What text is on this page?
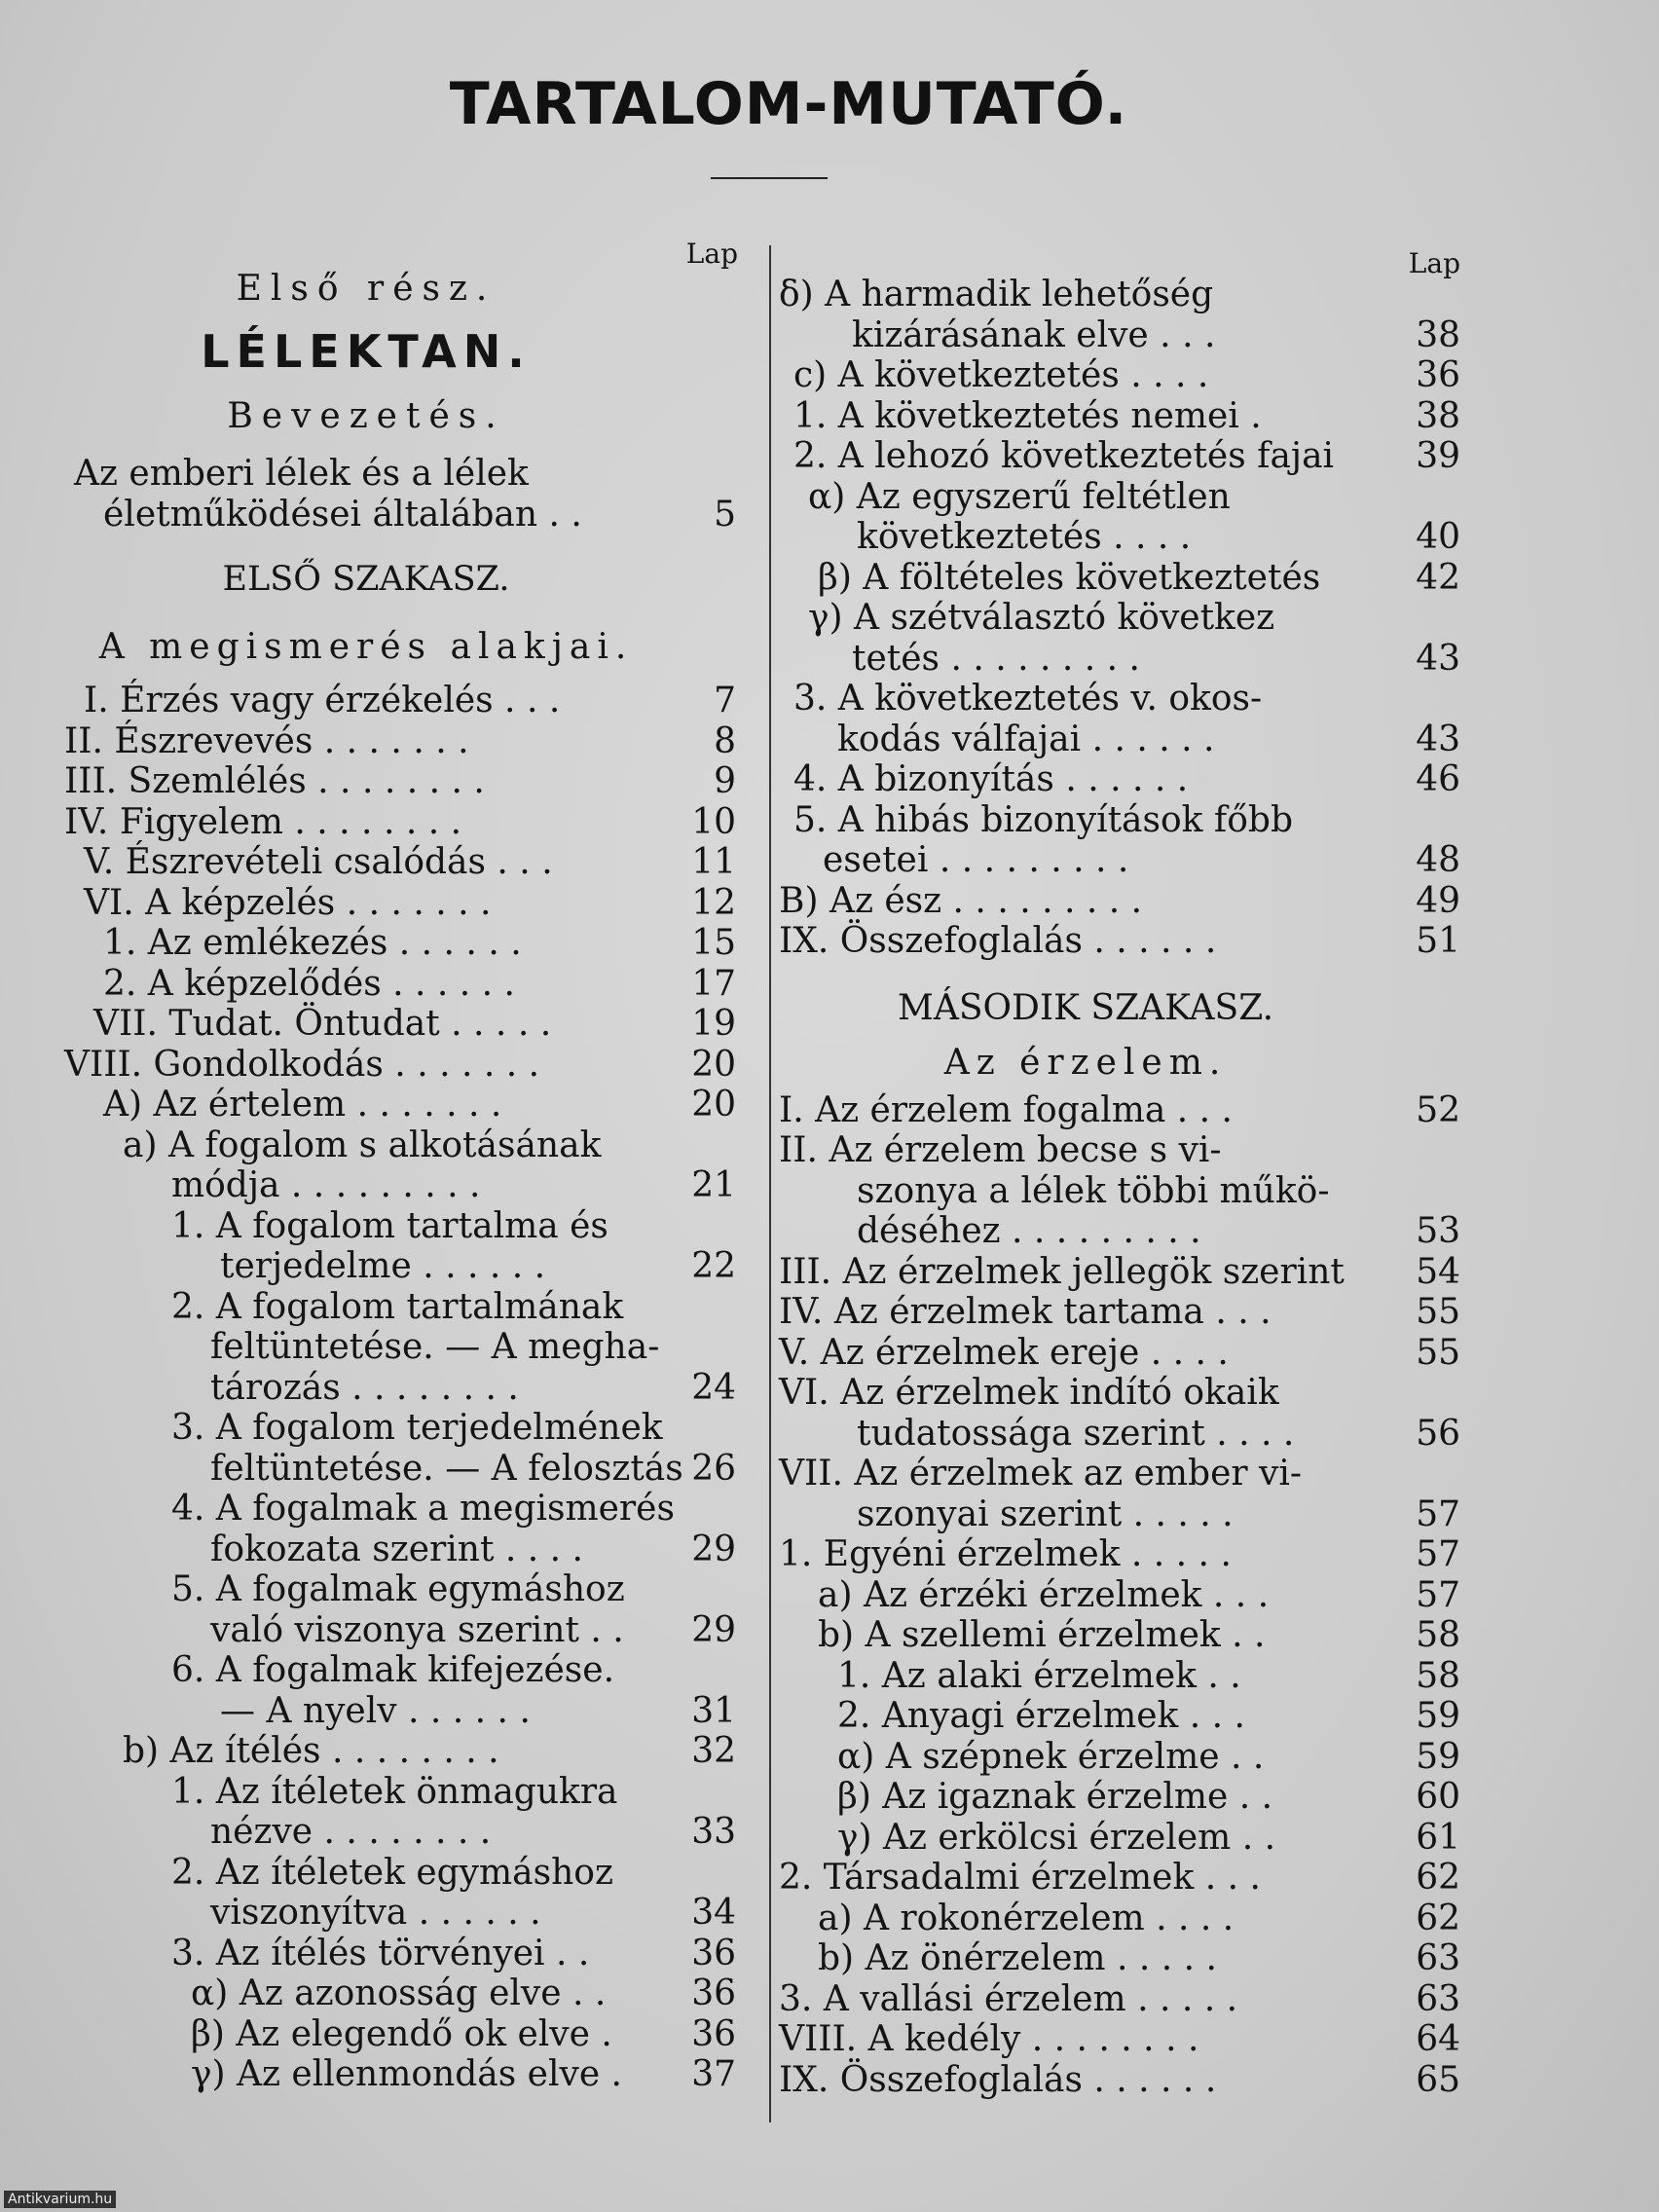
TARTALOM-MUTATÓ.
Lap
Első rész.
LÉLEKTAN.
Bevezetés.
Az emberi lélek és a lélek
életműködései általában . .	5
ELSŐ SZAKASZ.
A megismerés alakjai.
I. Érzés vagy érzékelés . . .	7
II. Észrevevés . . . . . . .	8
III. Szemlélés . . . . . . . .	9
IV. Figyelem . . . . . . . .	10
V. Észrevételi csalódás . . .	11
VI. A képzelés . . . . . . .	12
1. Az emlékezés . . . . . .	15
2. A képzelődés . . . . . .	17
VII. Tudat. Öntudat . . . . .	19
VIII. Gondolkodás . . . . . . .	20
A) Az értelem . . . . . . .	20
a) A fogalom s alkotásának
módja . . . . . . . . .	21
1. A fogalom tartalma és
terjedelme . . . . . .	22
2. A fogalom tartalmának
feltüntetése. — A megha-
tározás . . . . . . . .	24
3. A fogalom terjedelmének
feltüntetése. — A felosztás 26
4. A fogalmak a megismerés
fokozata szerint . . . .	29
5. A fogalmak egymáshoz
való viszonya szerint . .	29
6. A fogalmak kifejezése.
— A nyelv . . . . . .	31
b) Az ítélés . . . . . . . .	32
1. Az ítéletek önmagukra
nézve . . . . . . . .	33
2. Az ítéletek egymáshoz
viszonyítva . . . . . .	34
3. Az ítélés törvényei . .	36
α) Az azonosság elve . .	36
β) Az elegendő ok elve .	36
γ) Az ellenmondás elve .	37
Lap
δ) A harmadik lehetőség
kizárásának elve . . .	38
c) A következtetés . . . .	36
1. A következtetés nemei .	38
2. A lehozó következtetés fajai	39
α) Az egyszerű feltétlen
következtetés . . . .	40
β) A föltételes következtetés	42
γ) A szétválasztó következ
tetés . . . . . . . . .	43
3. A következtetés v. okos-
kodás válfajai . . . . . .	43
4. A bizonyítás . . . . . .	46
5. A hibás bizonyítások főbb
esetei . . . . . . . . .	48
B) Az ész . . . . . . . . .	49
IX. Összefoglalás . . . . . .	51
MÁSODIK SZAKASZ.
Az érzelem.
I. Az érzelem fogalma . . .	52
II. Az érzelem becse s vi-
szonya a lélek többi műkö-
déséhez . . . . . . . . .	53
III. Az érzelmek jellegök szerint	54
IV. Az érzelmek tartama . . .	55
V. Az érzelmek ereje . . . .	55
VI. Az érzelmek indító okaik
tudatossága szerint . . . .	56
VII. Az érzelmek az ember vi-
szonyai szerint . . . . .	57
1. Egyéni érzelmek . . . . .	57
a) Az érzéki érzelmek . . .	57
b) A szellemi érzelmek . .	58
1. Az alaki érzelmek . .	58
2. Anyagi érzelmek . . .	59
α) A szépnek érzelme . .	59
β) Az igaznak érzelme . .	60
γ) Az erkölcsi érzelem . .	61
2. Társadalmi érzelmek . . .	62
a) A rokonérzelem . . . .	62
b) Az önérzelem . . . . .	63
3. A vallási érzelem . . . . .	63
VIII. A kedély . . . . . . . .	64
IX. Összefoglalás . . . . . .	65
Antikvarium.hu
